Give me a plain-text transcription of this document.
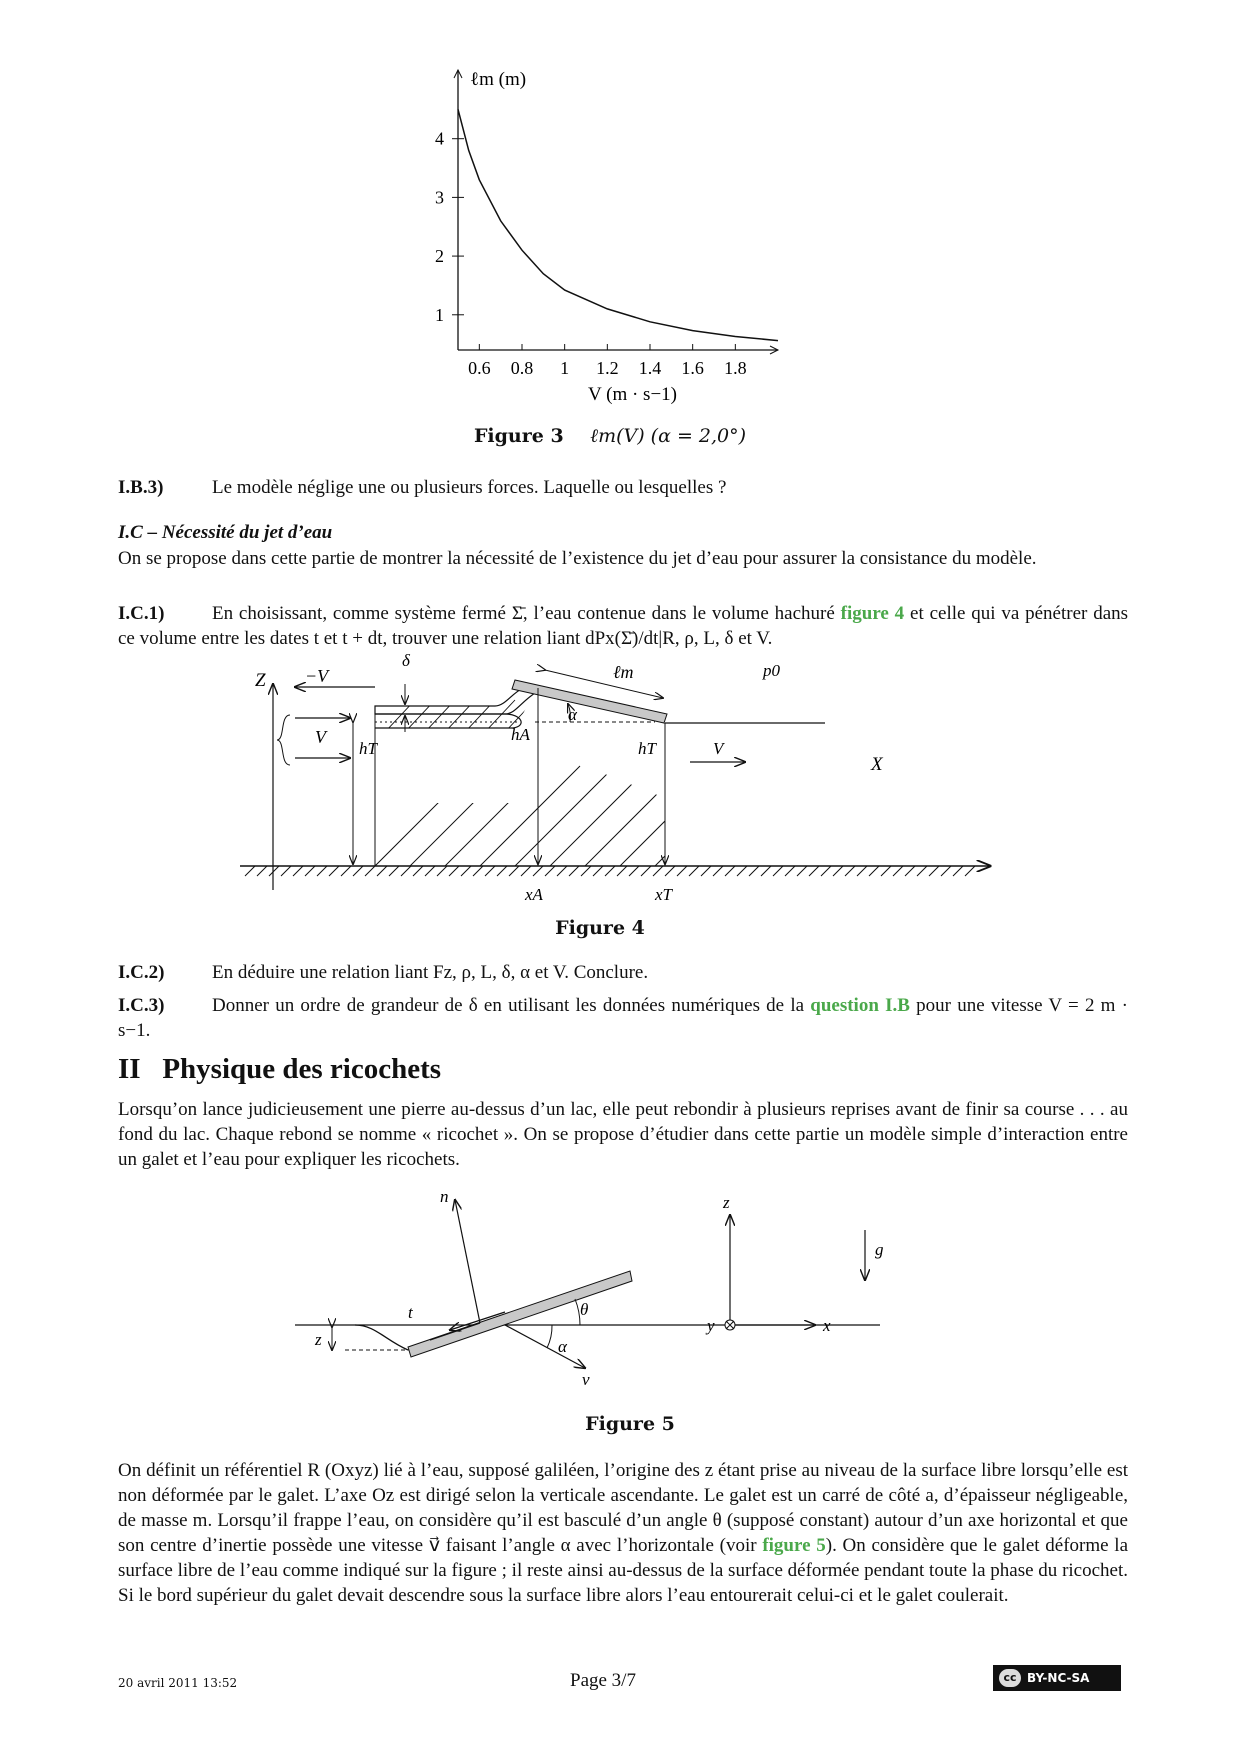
0.6 0.8 1 1.2 1.4 1.6 1.8
1
2
3
4
ℓm (m)
V (m · s−1)
Figure 3 ℓm(V) (α = 2,0°)
I.B.3)	Le modèle néglige une ou plusieurs forces. Laquelle ou lesquelles ?
I.C – Nécessité du jet d’eau
On se propose dans cette partie de montrer la nécessité de l’existence du jet d’eau pour assurer la consistance du modèle.
I.C.1)	En choisissant, comme système fermé Σ̄, l’eau contenue dans le volume hachuré figure 4 et celle qui va pénétrer dans ce volume entre les dates t et t + dt, trouver une relation liant dPx(Σ̄)/dt|R, ρ, L, δ et V.
Z
X
−V⃗
V⃗
δ
ℓm	p0
α
hA
hT	hT	V⃗
xA	xT
Figure 4
I.C.2)	En déduire une relation liant Fz, ρ, L, δ, α et V. Conclure.
I.C.3)	Donner un ordre de grandeur de δ en utilisant les données numériques de la question I.B pour une vitesse V = 2 m · s−1.
II   Physique des ricochets
Lorsqu’on lance judicieusement une pierre au-dessus d’un lac, elle peut rebondir à plusieurs reprises avant de finir sa course . . . au fond du lac. Chaque rebond se nomme « ricochet ». On se propose d’étudier dans cette partie un modèle simple d’interaction entre un galet et l’eau pour expliquer les ricochets.
n⃗
t⃗	θ
α
v⃗
z
z
x
y
g⃗
Figure 5
On définit un référentiel R (Oxyz) lié à l’eau, supposé galiléen, l’origine des z étant prise au niveau de la surface libre lorsqu’elle est non déformée par le galet. L’axe Oz est dirigé selon la verticale ascendante. Le galet est un carré de côté a, d’épaisseur négligeable, de masse m. Lorsqu’il frappe l’eau, on considère qu’il est basculé d’un angle θ (supposé constant) autour d’un axe horizontal et que son centre d’inertie possède une vitesse v⃗ faisant l’angle α avec l’horizontale (voir figure 5). On considère que le galet déforme la surface libre de l’eau comme indiqué sur la figure ; il reste ainsi au-dessus de la surface déformée pendant toute la phase du ricochet. Si le bord supérieur du galet devait descendre sous la surface libre alors l’eau entourerait celui-ci et le galet coulerait.
20 avril 2011 13:52	Page 3/7	cc BY-NC-SA
